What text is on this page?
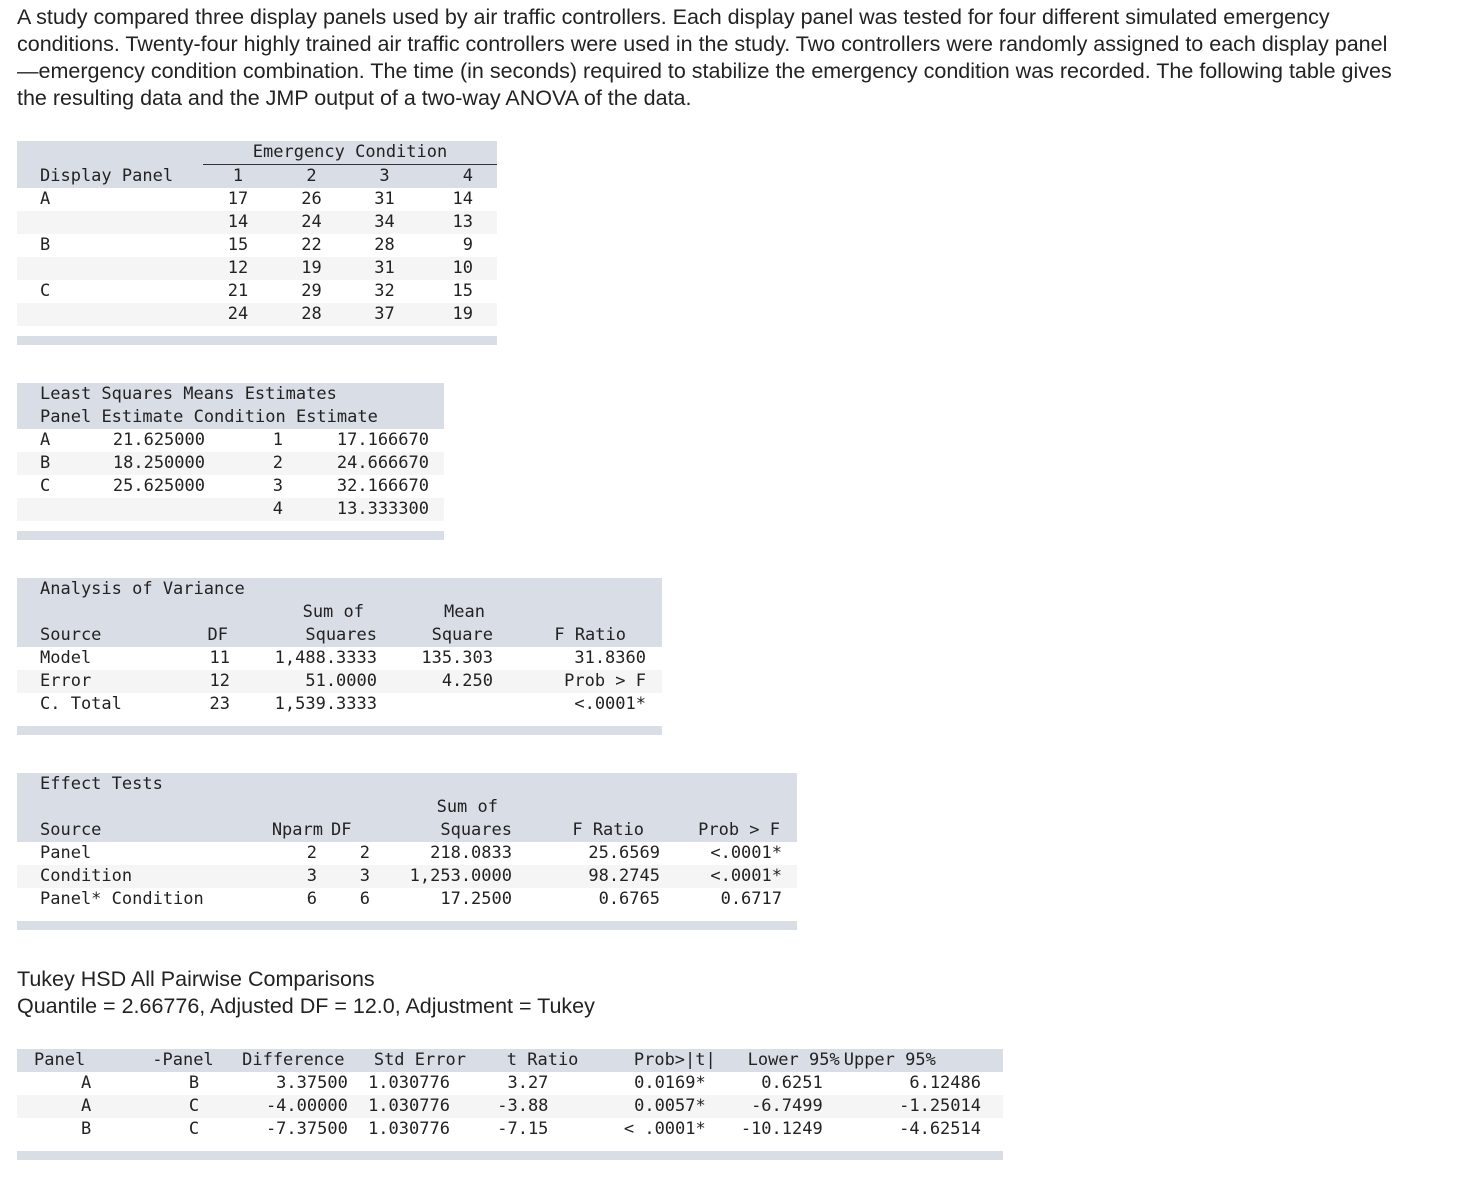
A study compared three display panels used by air traffic controllers. Each display panel was tested for four different simulated emergency conditions. Twenty-four highly trained air traffic controllers were used in the study. Two controllers were randomly assigned to each display panel—emergency condition combination. The time (in seconds) required to stabilize the emergency condition was recorded. The following table gives the resulting data and the JMP output of a two-way ANOVA of the data.

	Emergency Condition			
Display Panel	1	2	3	4
A	17	26	31	14
	14	24	34	13
B	15	22	28	9
	12	19	31	10
C	21	29	32	15
	24	28	37	19
Least Squares Means Estimates			
Panel Estimate Condition Estimate			
A	21.625000	1	17.166670
B	18.250000	2	24.666670
C	25.625000	3	32.166670
		4	13.333300
Analysis of Variance				
		Sum of	Mean	
Source	DF	Squares	Square	F Ratio
Model	11	1,488.3333	135.303	31.8360
Error	12	51.0000	4.250	Prob > F
C. Total	23	1,539.3333		<.0001*
Effect Tests					
			Sum of		
Source	Nparm	DF	Squares	F Ratio	Prob > F
Panel	2	2	218.0833	25.6569	<.0001*
Condition	3	3	1,253.0000	98.2745	<.0001*
Panel* Condition	6	6	17.2500	0.6765	0.6717

Tukey HSD All Pairwise Comparisons

Quantile = 2.66776, Adjusted DF = 12.0, Adjustment = Tukey

Panel	-Panel	Difference	Std Error	t Ratio	Prob>|t|	Lower 95%	Upper 95%
A	B	3.37500	1.030776	3.27	0.0169*	0.6251	6.12486
A	C	-4.00000	1.030776	-3.88	0.0057*	-6.7499	-1.25014
B	C	-7.37500	1.030776	-7.15	< .0001*	-10.1249	-4.62514
